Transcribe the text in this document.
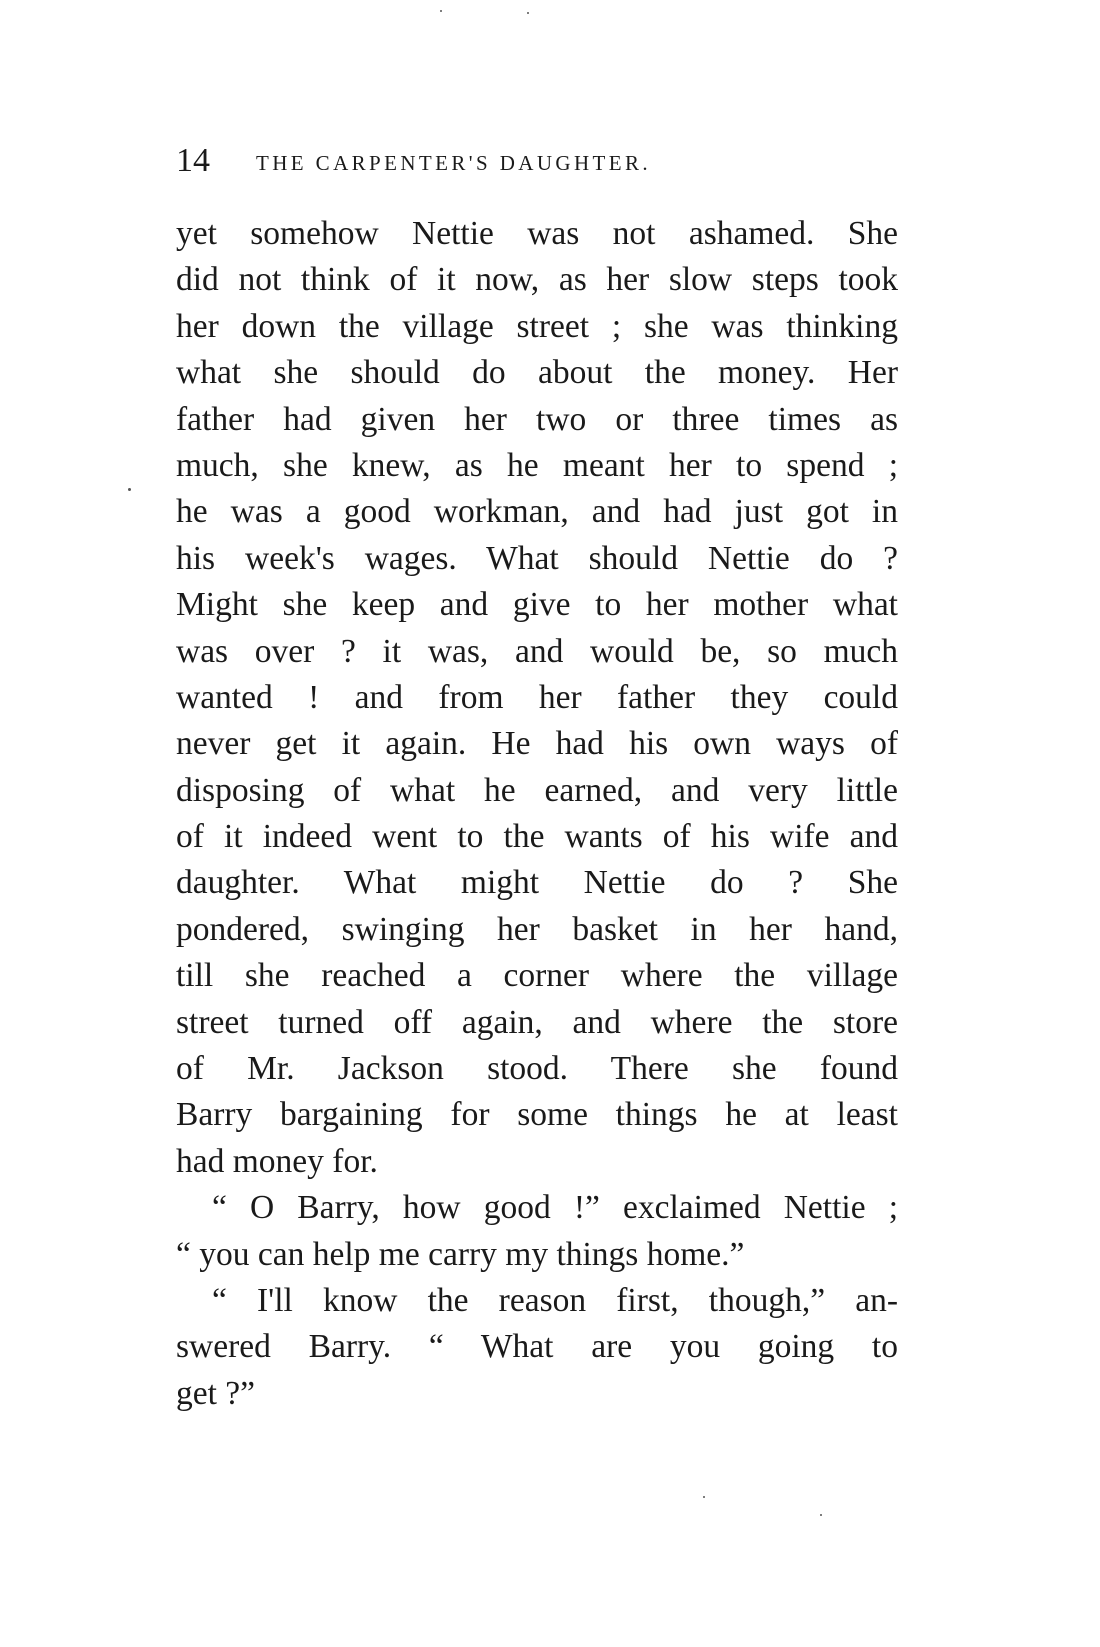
14 THE CARPENTER'S DAUGHTER.
yet somehow Nettie was not ashamed. She
did not think of it now, as her slow steps took
her down the village street ; she was thinking
what she should do about the money. Her
father had given her two or three times as
much, she knew, as he meant her to spend ;
he was a good workman, and had just got in
his week's wages. What should Nettie do ?
Might she keep and give to her mother what
was over ? it was, and would be, so much
wanted ! and from her father they could
never get it again. He had his own ways of
disposing of what he earned, and very little
of it indeed went to the wants of his wife and
daughter. What might Nettie do ? She
pondered, swinging her basket in her hand,
till she reached a corner where the village
street turned off again, and where the store
of Mr. Jackson stood. There she found
Barry bargaining for some things he at least
had money for.
“ O Barry, how good !” exclaimed Nettie ;
“ you can help me carry my things home.”
“ I'll know the reason first, though,” an-
swered Barry. “ What are you going to
get ?”
